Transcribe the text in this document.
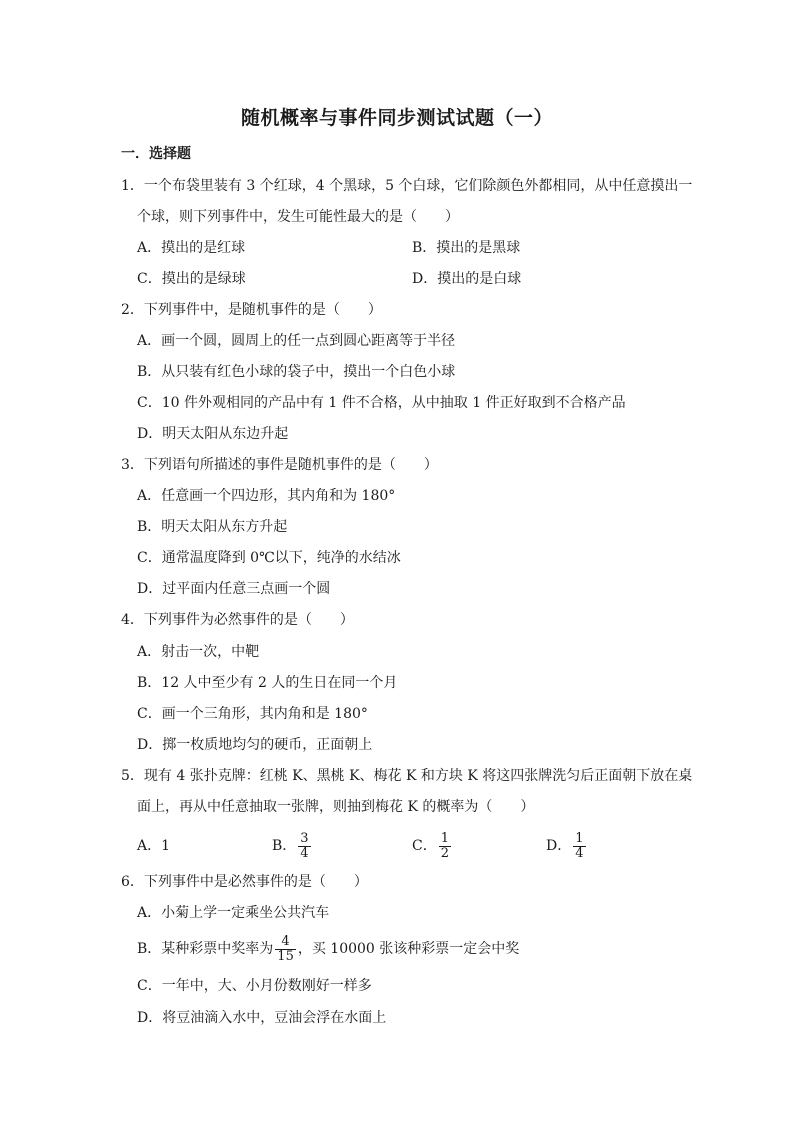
随机概率与事件同步测试试题（一）
一．选择题
1．一个布袋里装有 3 个红球，4 个黑球，5 个白球，它们除颜色外都相同，从中任意摸出一
个球，则下列事件中，发生可能性最大的是（　　）
A．摸出的是红球	B．摸出的是黑球
C．摸出的是绿球	D．摸出的是白球
2．下列事件中，是随机事件的是（　　）
A．画一个圆，圆周上的任一点到圆心距离等于半径
B．从只装有红色小球的袋子中，摸出一个白色小球
C．10 件外观相同的产品中有 1 件不合格，从中抽取 1 件正好取到不合格产品
D．明天太阳从东边升起
3．下列语句所描述的事件是随机事件的是（　　）
A．任意画一个四边形，其内角和为 180°
B．明天太阳从东方升起
C．通常温度降到 0℃以下，纯净的水结冰
D．过平面内任意三点画一个圆
4．下列事件为必然事件的是（　　）
A．射击一次，中靶
B．12 人中至少有 2 人的生日在同一个月
C．画一个三角形，其内角和是 180°
D．掷一枚质地均匀的硬币，正面朝上
5．现有 4 张扑克牌：红桃 K、黑桃 K、梅花 K 和方块 K 将这四张牌洗匀后正面朝下放在桌
面上，再从中任意抽取一张牌，则抽到梅花 K 的概率为（　　）
A．1	B． $\frac{3}{4}$	C． $\frac{1}{2}$	D． $\frac{1}{4}$
6．下列事件中是必然事件的是（　　）
A．小菊上学一定乘坐公共汽车
B．某种彩票中奖率为 $\frac{4}{15}$ ，买 10000 张该种彩票一定会中奖
C．一年中，大、小月份数刚好一样多
D．将豆油滴入水中，豆油会浮在水面上
